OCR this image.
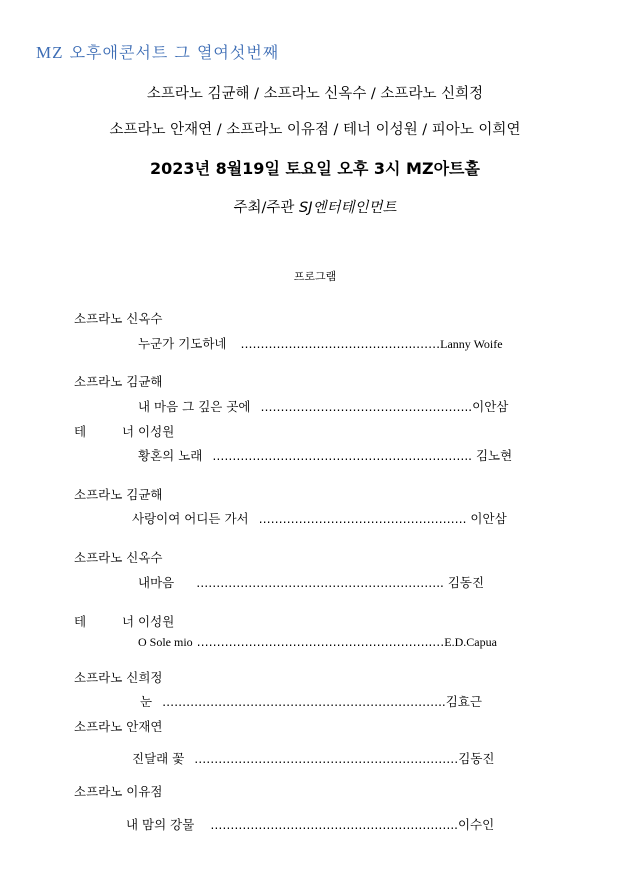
MZ 오후애콘서트 그 열여섯번째
소프라노 김균해 / 소프라노 신옥수 / 소프라노 신희정
소프라노 안재연 / 소프라노 이유점 / 테너 이성원 / 피아노 이희연
2023년 8월19일 토요일 오후 3시 MZ아트홀
주최/주관 SJ엔터테인먼트
프로그램
소프라노 신옥수
누군가 기도하네 ……………………………………..……Lanny Woife
소프라노 김균해
내 마음 그 깊은 곳에 ……………………………………………..이안삼
테	너 이성원
황혼의 노래 ……………………………………………………….. 김노현
소프라노 김균해
사랑이여 어디든 가서 ……………………………………………. 이안삼
소프라노 신옥수
내마음 …………………………………………………….. 김동진
테	너 이성원
O Sole mio …………………………………………………..…E.D.Capua
소프라노 신희정
눈 ……………………………………………………………..김효근
소프라노 안재연
진달래 꽃 …………………………………………………………김동진
소프라노 이유점
내 맘의 강물 ……………………………………………………..이수인
